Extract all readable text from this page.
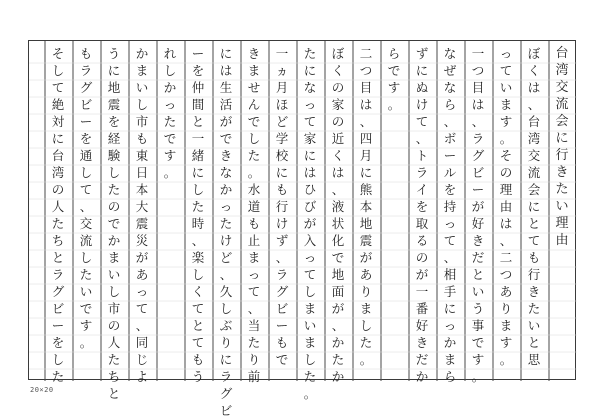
台
湾
交
流
会
に
行
き
た
い
理
由
ぼ
く
は
、
台
湾
交
流
会
に
と
て
も
行
き
た
い
と
思
っ
て
い
ま
す
。
そ
の
理
由
は
、
二
つ
あ
り
ま
す
。
一
つ
目
は
、
ラ
グ
ビ
ー
が
好
き
だ
と
い
う
事
で
す
。
な
ぜ
な
ら
、
ボ
ー
ル
を
持
っ
て
、
相
手
に
っ
か
ま
ら
ず
に
ぬ
け
て
、
ト
ラ
イ
を
取
る
の
が
一
番
好
き
だ
か
ら
で
す
。
二
つ
目
は
、
四
月
に
熊
本
地
震
が
あ
り
ま
し
た
。
ぼ
く
の
家
の
近
く
は
、
液
状
化
で
地
面
が
、
か
た
か
た
に
な
っ
て
家
に
は
ひ
び
が
入
っ
て
し
ま
い
ま
し
た
。
一
ヵ
月
ほ
ど
学
校
に
も
行
け
ず
、
ラ
グ
ビ
ー
も
で
き
ま
せ
ん
で
し
た
。
水
道
も
止
ま
っ
て
、
当
た
り
前
に
は
生
活
が
で
き
な
か
っ
た
け
ど
、
久
し
ぶ
り
に
ラ
グ
ビ
ー
を
仲
間
と
一
緒
に
し
た
時
、
楽
し
く
て
と
て
も
う
れ
し
か
っ
た
で
す
。
か
ま
い
し
市
も
東
日
本
大
震
災
が
あ
っ
て
、
同
じ
よ
う
に
地
震
を
経
験
し
た
の
で
か
ま
い
し
市
の
人
た
ち
と
も
ラ
グ
ビ
ー
を
通
し
て
、
交
流
し
た
い
で
す
。
そ
し
て
絶
対
に
台
湾
の
人
た
ち
と
ラ
グ
ビ
ー
を
し
た
20×20
